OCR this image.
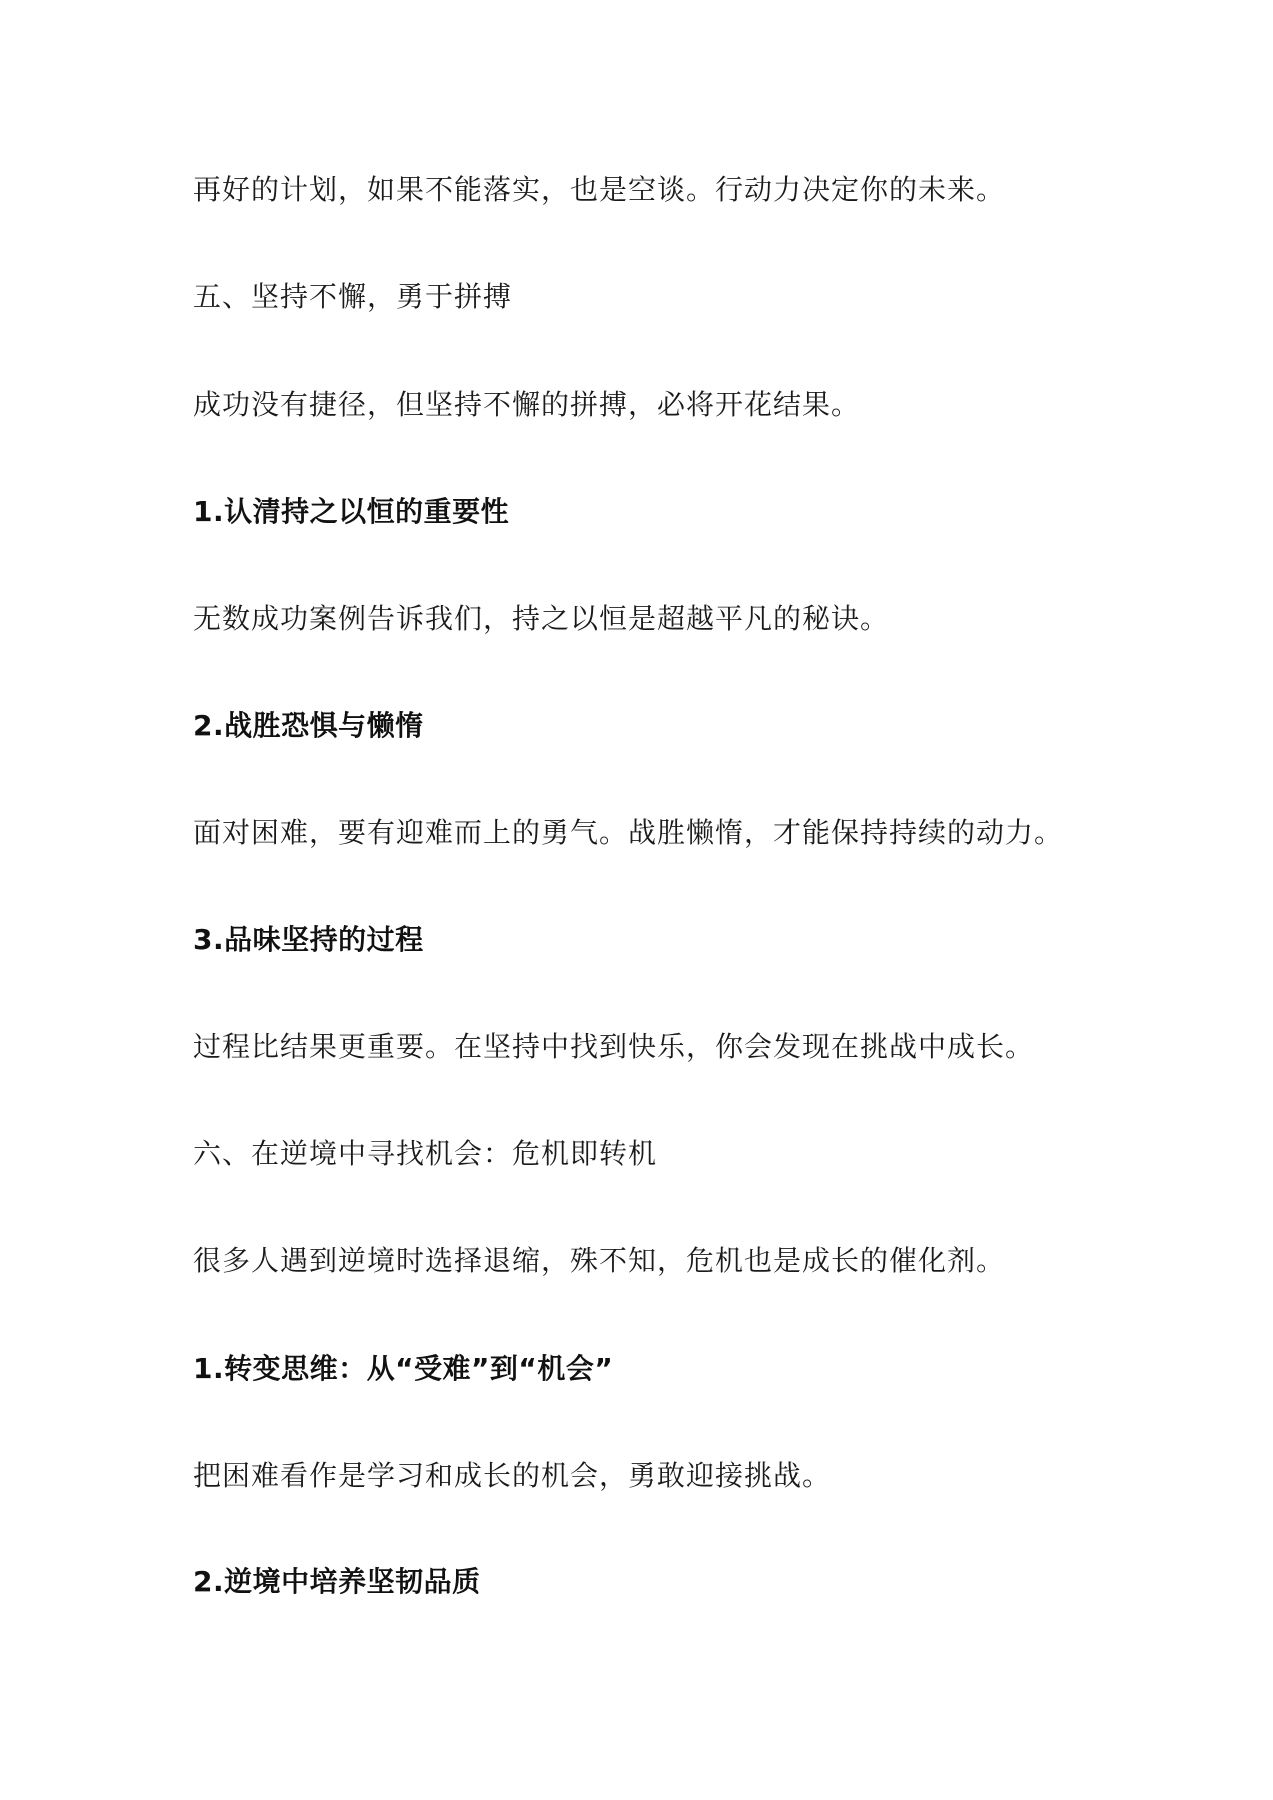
再好的计划，如果不能落实，也是空谈。行动力决定你的未来。
五、坚持不懈，勇于拼搏
成功没有捷径，但坚持不懈的拼搏，必将开花结果。
1.认清持之以恒的重要性
无数成功案例告诉我们，持之以恒是超越平凡的秘诀。
2.战胜恐惧与懒惰
面对困难，要有迎难而上的勇气。战胜懒惰，才能保持持续的动力。
3.品味坚持的过程
过程比结果更重要。在坚持中找到快乐，你会发现在挑战中成长。
六、在逆境中寻找机会：危机即转机
很多人遇到逆境时选择退缩，殊不知，危机也是成长的催化剂。
1.转变思维：从“受难”到“机会”
把困难看作是学习和成长的机会，勇敢迎接挑战。
2.逆境中培养坚韧品质
